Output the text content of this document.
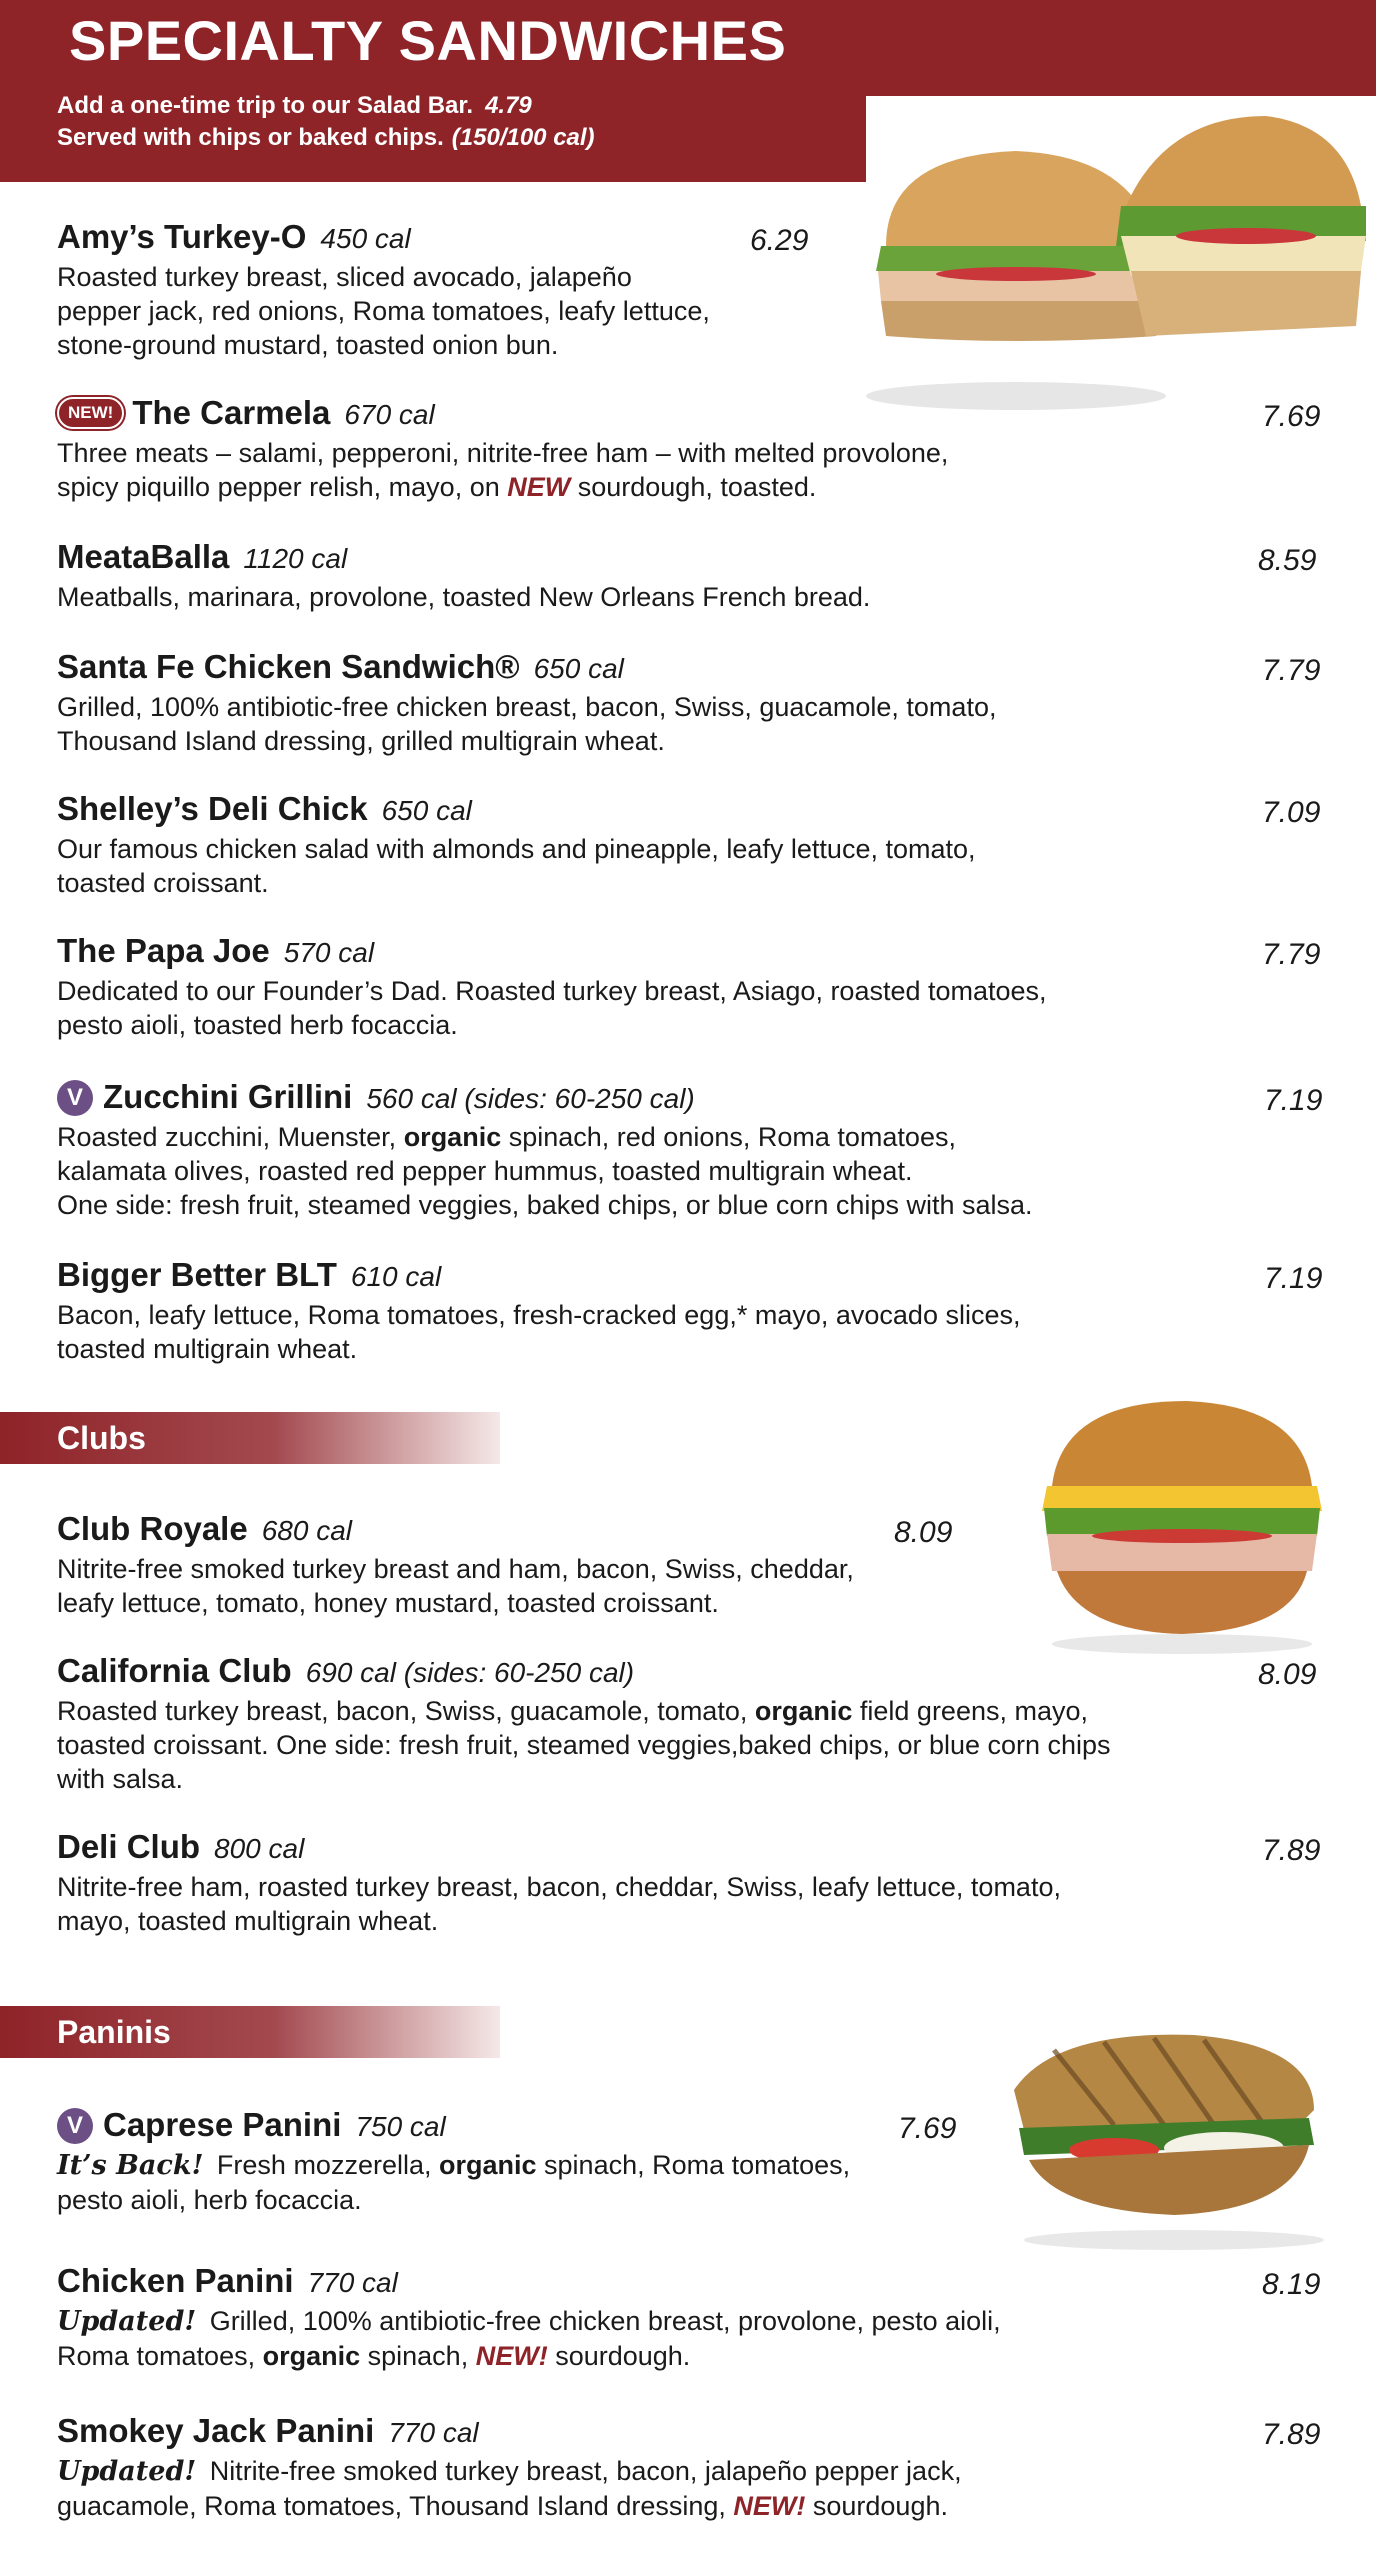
SPECIALTY SANDWICHES
Add a one-time trip to our Salad Bar. 4.79
Served with chips or baked chips. (150/100 cal)
Amy’s Turkey-O 450 cal
Roasted turkey breast, sliced avocado, jalapeño
pepper jack, red onions, Roma tomatoes, leafy lettuce,
stone-ground mustard, toasted onion bun.
6.29
NEW! The Carmela 670 cal
Three meats – salami, pepperoni, nitrite-free ham – with melted provolone,
spicy piquillo pepper relish, mayo, on NEW sourdough, toasted.
7.69
MeataBalla 1120 cal
Meatballs, marinara, provolone, toasted New Orleans French bread.
8.59
Santa Fe Chicken Sandwich® 650 cal
Grilled, 100% antibiotic-free chicken breast, bacon, Swiss, guacamole, tomato,
Thousand Island dressing, grilled multigrain wheat.
7.79
Shelley’s Deli Chick 650 cal
Our famous chicken salad with almonds and pineapple, leafy lettuce, tomato,
toasted croissant.
7.09
The Papa Joe 570 cal
Dedicated to our Founder’s Dad. Roasted turkey breast, Asiago, roasted tomatoes,
pesto aioli, toasted herb focaccia.
7.79
V Zucchini Grillini 560 cal (sides: 60-250 cal)
Roasted zucchini, Muenster, organic spinach, red onions, Roma tomatoes,
kalamata olives, roasted red pepper hummus, toasted multigrain wheat.
One side: fresh fruit, steamed veggies, baked chips, or blue corn chips with salsa.
7.19
Bigger Better BLT 610 cal
Bacon, leafy lettuce, Roma tomatoes, fresh-cracked egg,* mayo, avocado slices,
toasted multigrain wheat.
7.19
Clubs
Club Royale 680 cal
Nitrite-free smoked turkey breast and ham, bacon, Swiss, cheddar,
leafy lettuce, tomato, honey mustard, toasted croissant.
8.09
California Club 690 cal (sides: 60-250 cal)
Roasted turkey breast, bacon, Swiss, guacamole, tomato, organic field greens, mayo,
toasted croissant. One side: fresh fruit, steamed veggies,baked chips, or blue corn chips
with salsa.
8.09
Deli Club 800 cal
Nitrite-free ham, roasted turkey breast, bacon, cheddar, Swiss, leafy lettuce, tomato,
mayo, toasted multigrain wheat.
7.89
Paninis
V Caprese Panini 750 cal
It’s Back! Fresh mozzerella, organic spinach, Roma tomatoes,
pesto aioli, herb focaccia.
7.69
Chicken Panini 770 cal
Updated! Grilled, 100% antibiotic-free chicken breast, provolone, pesto aioli,
Roma tomatoes, organic spinach, NEW! sourdough.
8.19
Smokey Jack Panini 770 cal
Updated! Nitrite-free smoked turkey breast, bacon, jalapeño pepper jack,
guacamole, Roma tomatoes, Thousand Island dressing, NEW! sourdough.
7.89
